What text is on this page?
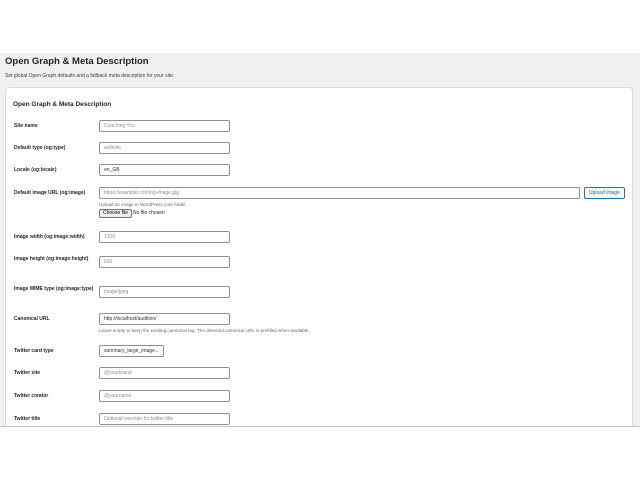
Open Graph & Meta Description

Set global Open Graph defaults and a fallback meta description for your site.

Open Graph & Meta Description
Site name
Coaching You
Default type (og:type)
website
Locale (og:locale)
en_GB
Default image URL (og:image)
https://example.com/og-image.jpg	Upload image
Upload an image to WordPress core folder.
Choose file No file chosen
Image width (og:image:width)
1200
Image height (og:image:height)
630
Image MIME type (og:image:type)
image/jpeg
Canonical URL
http://localhost/audition/
Leave empty to keep the existing canonical tag. The detected canonical URL is prefilled when available.
Twitter card type	summary_large_image ⌄
Twitter site
@yourbrand
Twitter creator
@yourname
Twitter title
Optional override for twitter:title
